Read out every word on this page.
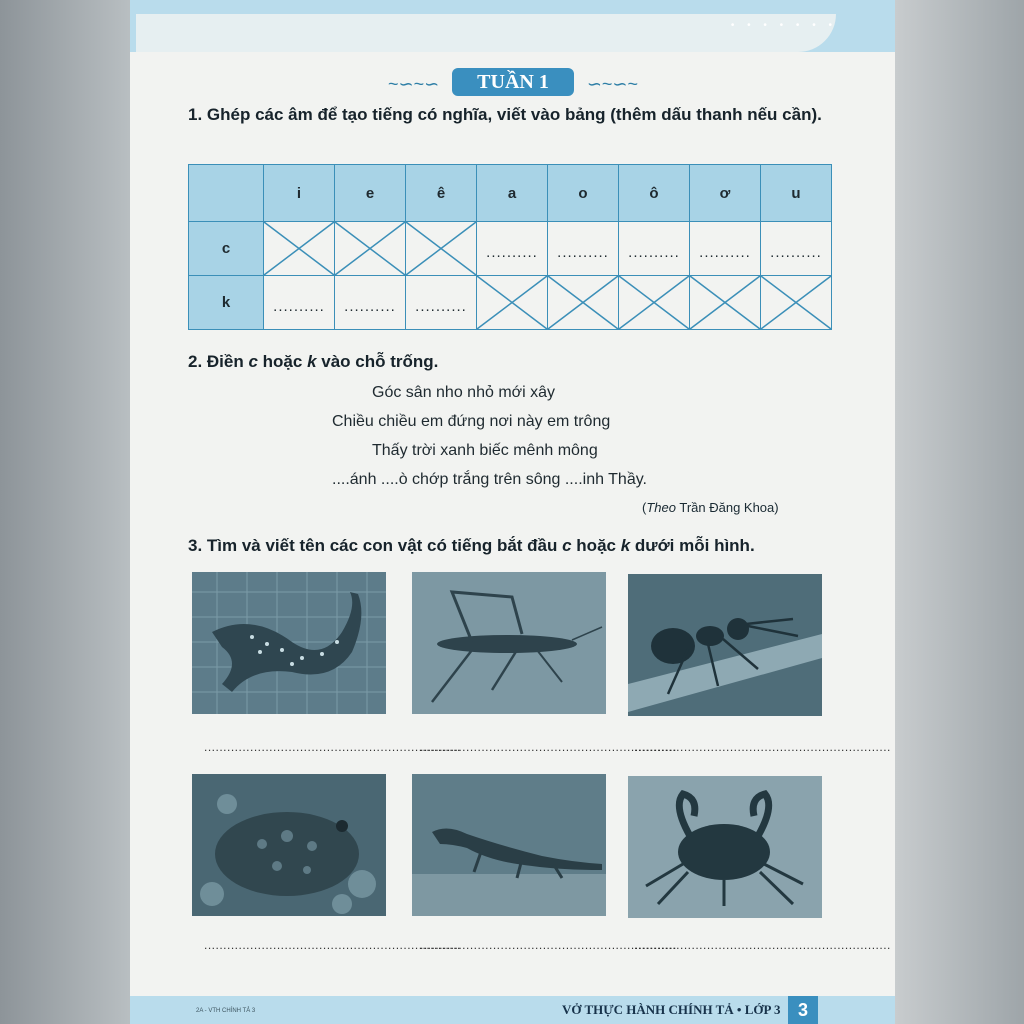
• • • • • • •
~∽~∽	TUẦN 1	∽~∽~
1. Ghép các âm để tạo tiếng có nghĩa, viết vào bảng (thêm dấu thanh nếu cần).
	i	e	ê	a	o	ô	ơ	u
c				..........	..........	..........	..........	..........
k	..........	..........	..........	

2. Điền c hoặc k vào chỗ trống.
Góc sân nho nhỏ mới xây
Chiều chiều em đứng nơi này em trông
Thấy trời xanh biếc mênh mông
....ánh ....ò chớp trắng trên sông ....inh Thầy.
(Theo Trần Đăng Khoa)
3. Tìm và viết tên các con vật có tiếng bắt đầu c hoặc k dưới mỗi hình.
...................................................................
...................................................................
...................................................................
...................................................................
...................................................................
...................................................................
2A - VTH CHÍNH TẢ 3	VỞ THỰC HÀNH CHÍNH TẢ • LỚP 3 3
